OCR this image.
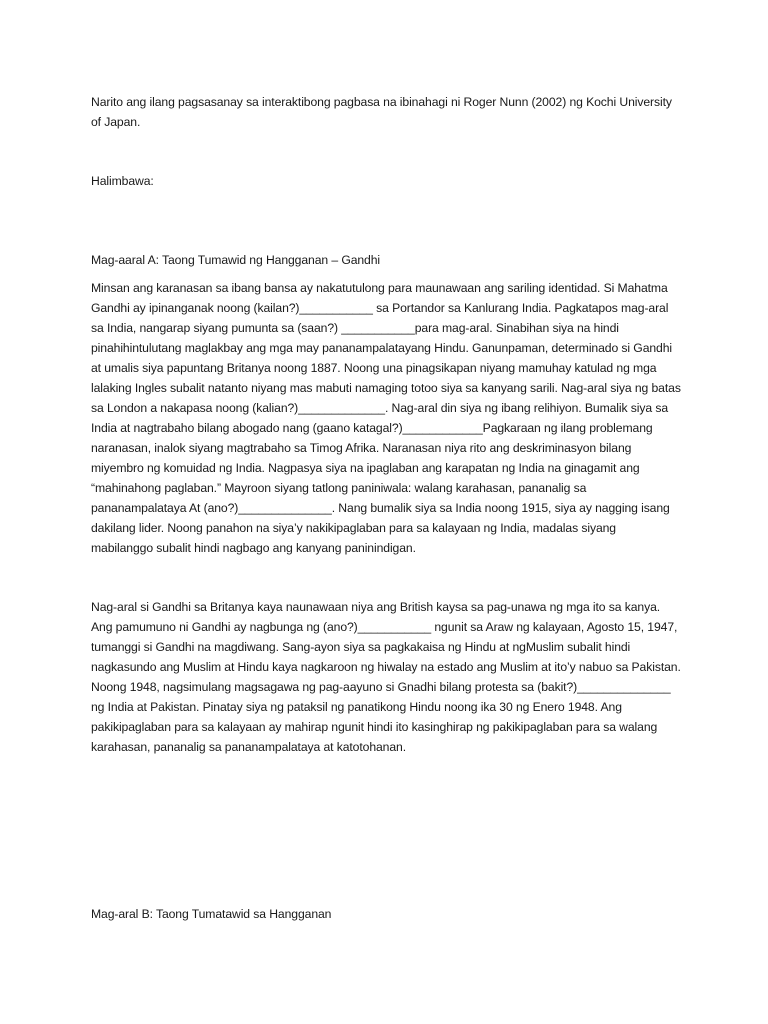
Narito ang ilang pagsasanay sa interaktibong pagbasa na ibinahagi ni Roger Nunn (2002) ng Kochi University of Japan.

Halimbawa:

Mag-aaral A: Taong Tumawid ng Hangganan – Gandhi

Minsan ang karanasan sa ibang bansa ay nakatutulong para maunawaan ang sariling identidad. Si Mahatma Gandhi ay ipinanganak noong (kailan?)___________ sa Portandor sa Kanlurang India. Pagkatapos mag-aral sa India, nangarap siyang pumunta sa (saan?) ___________para mag-aral. Sinabihan siya na hindi pinahihintulutang maglakbay ang mga may pananampalatayang Hindu. Ganunpaman, determinado si Gandhi at umalis siya papuntang Britanya noong 1887. Noong una pinagsikapan niyang mamuhay katulad ng mga lalaking Ingles subalit natanto niyang mas mabuti namaging totoo siya sa kanyang sarili. Nag-aral siya ng batas sa London a nakapasa noong (kalian?)_____________. Nag-aral din siya ng ibang relihiyon. Bumalik siya sa India at nagtrabaho bilang abogado nang (gaano katagal?)____________Pagkaraan ng ilang problemang naranasan, inalok siyang magtrabaho sa Timog Afrika. Naranasan niya rito ang deskriminasyon bilang miyembro ng komuidad ng India. Nagpasya siya na ipaglaban ang karapatan ng India na ginagamit ang “mahinahong paglaban.” Mayroon siyang tatlong paniniwala: walang karahasan, pananalig sa pananampalataya At (ano?)______________. Nang bumalik siya sa India noong 1915, siya ay nagging isang dakilang lider. Noong panahon na siya’y nakikipaglaban para sa kalayaan ng India, madalas siyang mabilanggo subalit hindi nagbago ang kanyang paninindigan.

Nag-aral si Gandhi sa Britanya kaya naunawaan niya ang British kaysa sa pag-unawa ng mga ito sa kanya. Ang pamumuno ni Gandhi ay nagbunga ng (ano?)___________ ngunit sa Araw ng kalayaan, Agosto 15, 1947, tumanggi si Gandhi na magdiwang. Sang-ayon siya sa pagkakaisa ng Hindu at ngMuslim subalit hindi nagkasundo ang Muslim at Hindu kaya nagkaroon ng hiwalay na estado ang Muslim at ito’y nabuo sa Pakistan. Noong 1948, nagsimulang magsagawa ng pag-aayuno si Gnadhi bilang protesta sa (bakit?)______________ ng India at Pakistan. Pinatay siya ng pataksil ng panatikong Hindu noong ika 30 ng Enero 1948. Ang pakikipaglaban para sa kalayaan ay mahirap ngunit hindi ito kasinghirap ng pakikipaglaban para sa walang karahasan, pananalig sa pananampalataya at katotohanan.

Mag-aral B: Taong Tumatawid sa Hangganan
